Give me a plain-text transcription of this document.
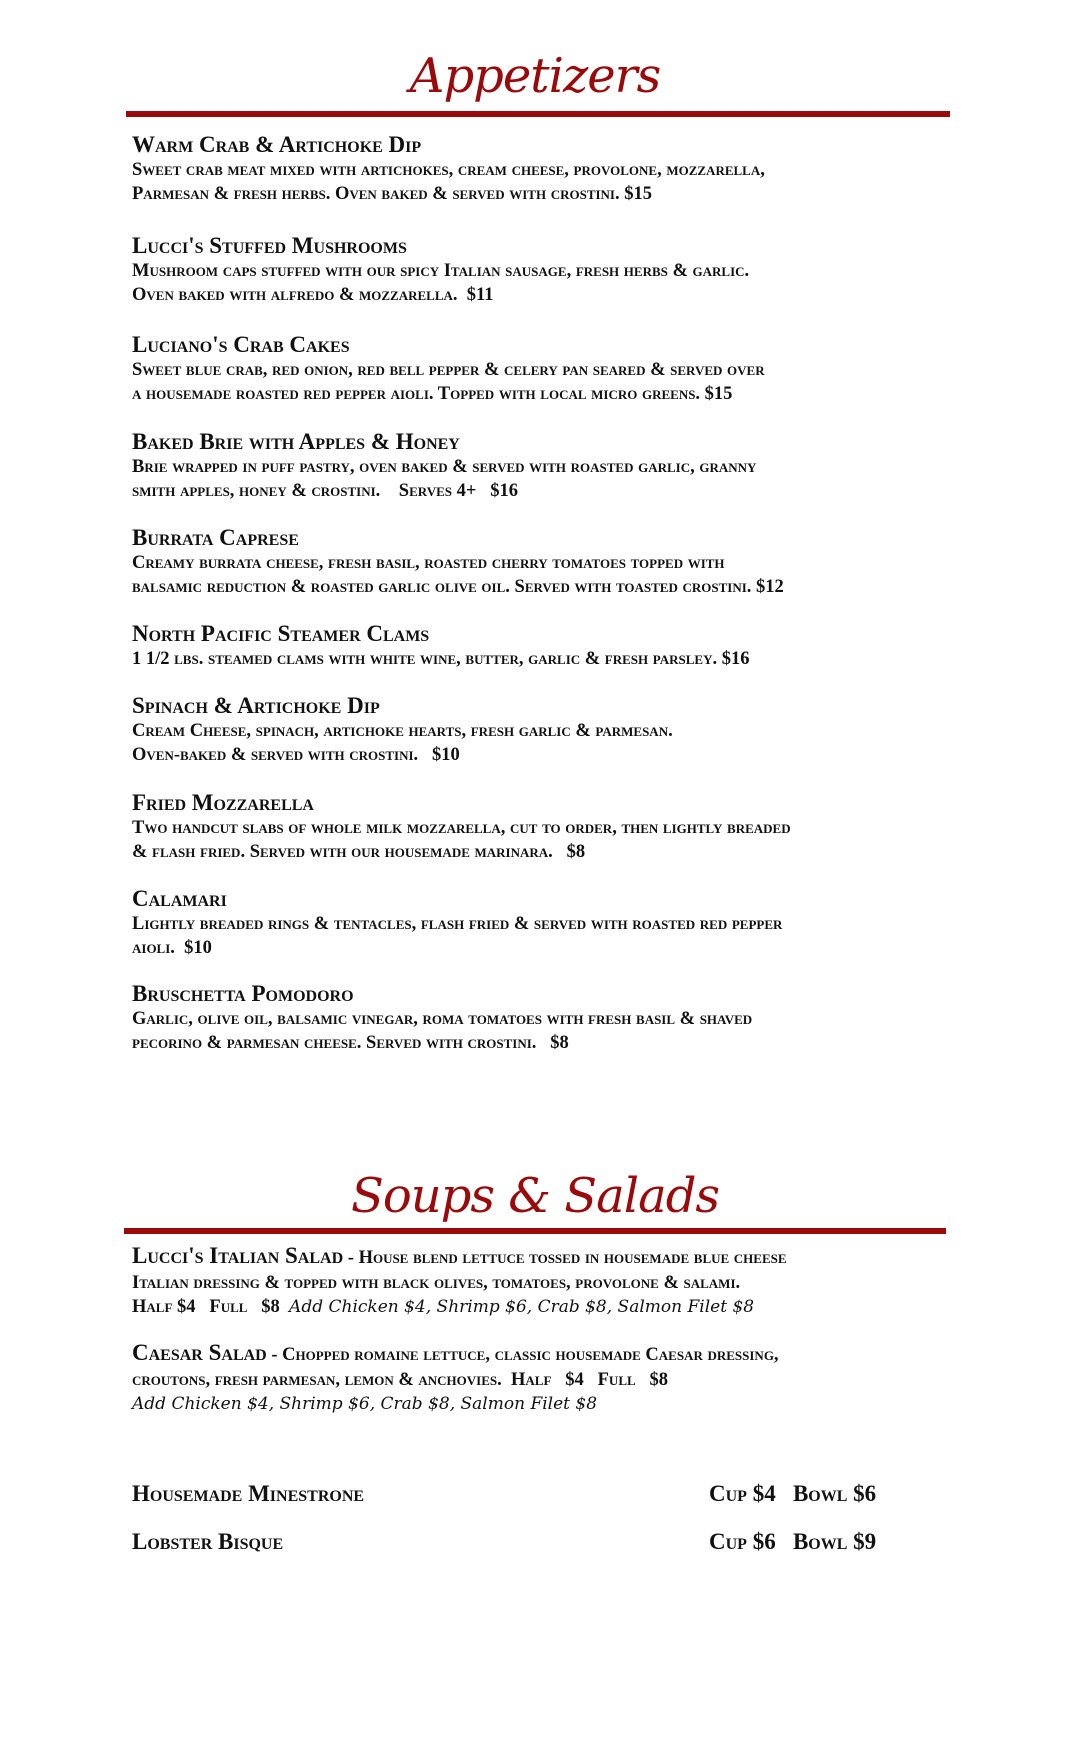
Appetizers
Warm Crab & Artichoke Dip
Sweet crab meat mixed with artichokes, cream cheese, provolone, mozzarella,
Parmesan & fresh herbs. Oven baked & served with crostini. $15
Lucci's Stuffed Mushrooms
Mushroom caps stuffed with our spicy Italian sausage, fresh herbs & garlic.
Oven baked with alfredo & mozzarella.  $11
Luciano's Crab Cakes
Sweet blue crab, red onion, red bell pepper & celery pan seared & served over
a housemade roasted red pepper aioli. Topped with local micro greens. $15
Baked Brie with Apples & Honey
Brie wrapped in puff pastry, oven baked & served with roasted garlic, granny
smith apples, honey & crostini.    Serves 4+   $16
Burrata Caprese
Creamy burrata cheese, fresh basil, roasted cherry tomatoes topped with
balsamic reduction & roasted garlic olive oil. Served with toasted crostini. $12
North Pacific Steamer Clams
1 1/2 lbs. steamed clams with white wine, butter, garlic & fresh parsley. $16
Spinach & Artichoke Dip
Cream Cheese, spinach, artichoke hearts, fresh garlic & parmesan.
Oven-baked & served with crostini.   $10
Fried Mozzarella
Two handcut slabs of whole milk mozzarella, cut to order, then lightly breaded
& flash fried. Served with our housemade marinara.   $8
Calamari
Lightly breaded rings & tentacles, flash fried & served with roasted red pepper
aioli.  $10
Bruschetta Pomodoro
Garlic, olive oil, balsamic vinegar, roma tomatoes with fresh basil & shaved
pecorino & parmesan cheese. Served with crostini.   $8
Soups & Salads
Lucci's Italian Salad - House blend lettuce tossed in housemade blue cheese
Italian dressing & topped with black olives, tomatoes, provolone & salami.
Half $4   Full   $8  Add Chicken $4, Shrimp $6, Crab $8, Salmon Filet $8
Caesar Salad - Chopped romaine lettuce, classic housemade Caesar dressing,
croutons, fresh parmesan, lemon & anchovies.  Half   $4   Full   $8
Add Chicken $4, Shrimp $6, Crab $8, Salmon Filet $8
Housemade Minestrone	Cup $4   Bowl $6
Lobster Bisque	Cup $6   Bowl $9
